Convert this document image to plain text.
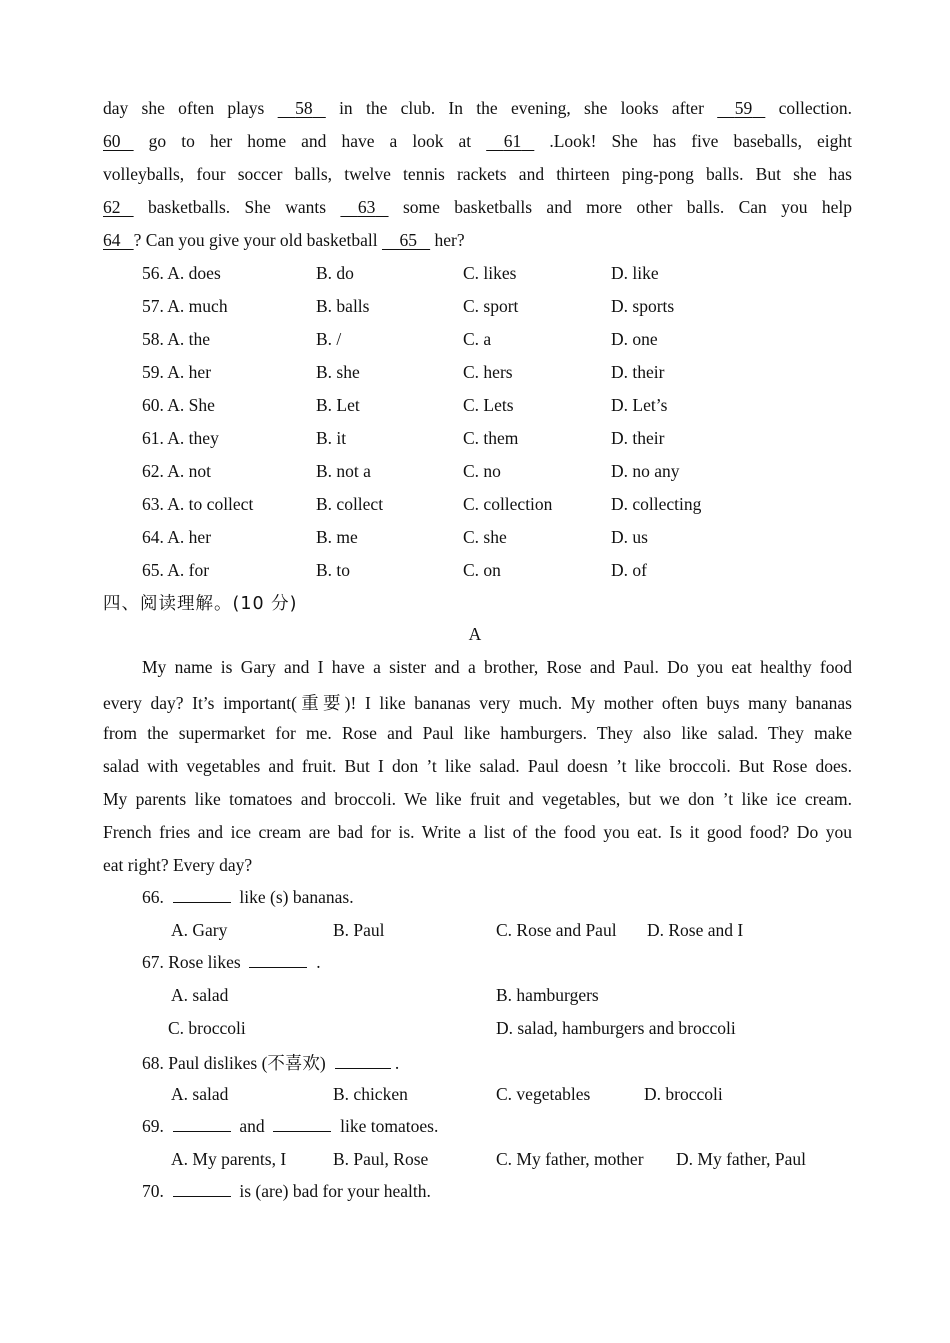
day she often plays     58    in the club. In the evening, she looks after     59    collection.
60    go to her home and have a look at     61    .Look! She has five baseballs, eight
volleyballs, four soccer balls, twelve tennis rackets and thirteen ping-pong balls. But she has
62    basketballs. She wants     63    some basketballs and more other balls. Can you help
64 ? Can you give your old basketball     65    her?
56. A. does	B. do	C. likes	D. like
57. A. much	B. balls	C. sport	D. sports
58. A. the	B. /	C. a	D. one
59. A. her	B. she	C. hers	D. their
60. A. She	B. Let	C. Lets	D. Let’s
61. A. they	B. it	C. them	D. their
62. A. not	B. not a	C. no	D. no any
63. A. to collect	B. collect	C. collection	D. collecting
64. A. her	B. me	C. she	D. us
65. A. for	B. to	C. on	D. of
四、阅读理解。(10 分)
A
My name is Gary and I have a sister and a brother, Rose and Paul. Do you eat healthy food
every day? It’s important(重要)! I like bananas very much. My mother often buys many bananas
from the supermarket for me. Rose and Paul like hamburgers. They also like salad. They make
salad with vegetables and fruit. But I don ’t like salad. Paul doesn ’t like broccoli. But Rose does.
My parents like tomatoes and broccoli. We like fruit and vegetables, but we don ’t like ice cream.
French fries and ice cream are bad for is. Write a list of the food you eat. Is it good food? Do you
eat right? Every day?
66.	like (s) bananas.
A. Gary	B. Paul	C. Rose and Paul D. Rose and I
67. Rose likes	.
A. salad	B. hamburgers
C. broccoli	D. salad, hamburgers and broccoli
68. Paul dislikes (不喜欢)	.
A. salad	B. chicken	C. vegetables	D. broccoli
69.	and	like tomatoes.
A. My parents, I	B. Paul, Rose	C. My father, mother D. My father, Paul
70.	is (are) bad for your health.
